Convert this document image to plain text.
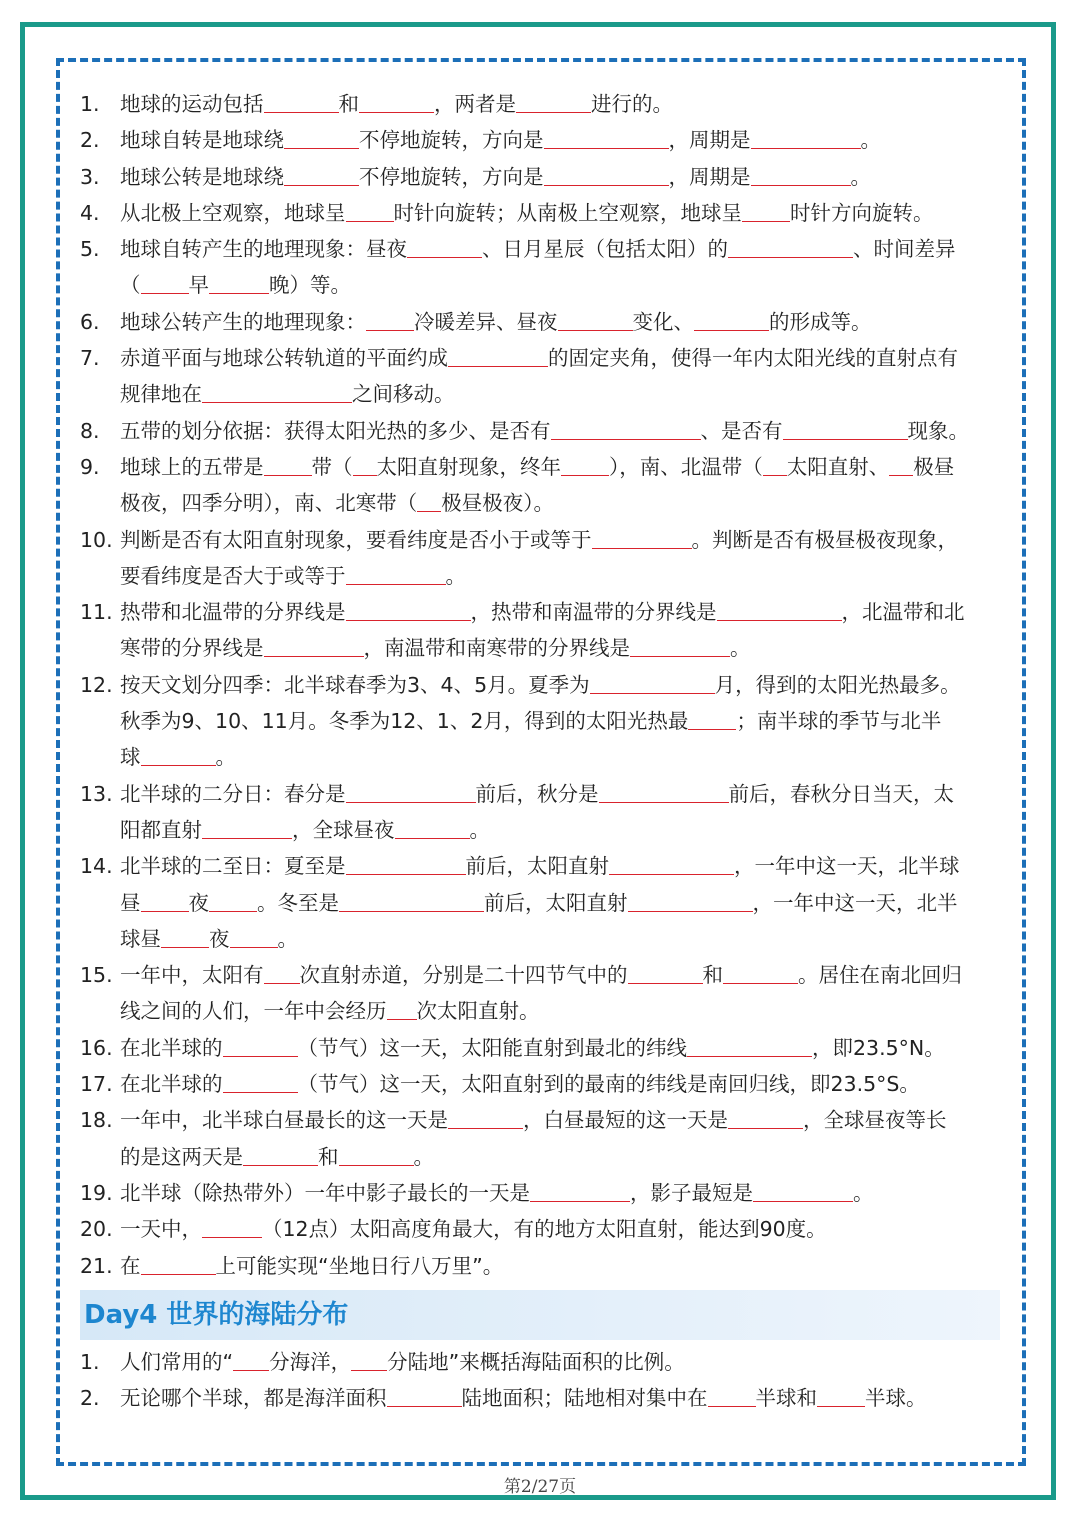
1. 地球的运动包括	和	，两者是	进行的。
2. 地球自转是地球绕	不停地旋转，方向是	，周期是	。
3. 地球公转是地球绕	不停地旋转，方向是	，周期是	。
4. 从北极上空观察，地球呈 时针向旋转；从南极上空观察，地球呈 时针方向旋转。
5. 地球自转产生的地理现象：昼夜	、日月星辰（包括太阳）的	、时间差异
（ 早	晚）等。
6. 地球公转产生的地理现象： 冷暖差异、昼夜	变化、	的形成等。
7. 赤道平面与地球公转轨道的平面约成	的固定夹角，使得一年内太阳光线的直射点有
规律地在	之间移动。
8. 五带的划分依据：获得太阳光热的多少、是否有	、是否有	现象。
9. 地球上的五带是 带（ 太阳直射现象，终年 ），南、北温带（ 太阳直射、 极昼
极夜，四季分明），南、北寒带（ 极昼极夜）。
10. 判断是否有太阳直射现象，要看纬度是否小于或等于	。判断是否有极昼极夜现象，
要看纬度是否大于或等于	。
11. 热带和北温带的分界线是	，热带和南温带的分界线是	，北温带和北
寒带的分界线是	，南温带和南寒带的分界线是	。
12. 按天文划分四季：北半球春季为3、4、5月。夏季为	月，得到的太阳光热最多。
秋季为9、10、11月。冬季为12、1、2月，得到的太阳光热最 ；南半球的季节与北半
球	。
13. 北半球的二分日：春分是	前后，秋分是	前后，春秋分日当天，太
阳都直射	，全球昼夜	。
14. 北半球的二至日：夏至是	前后，太阳直射	，一年中这一天，北半球
昼 夜 。冬至是	前后，太阳直射	，一年中这一天，北半
球昼 夜 。
15. 一年中，太阳有 次直射赤道，分别是二十四节气中的	和	。居住在南北回归
线之间的人们，一年中会经历 次太阳直射。
16. 在北半球的	（节气）这一天，太阳能直射到最北的纬线	，即23.5°N。
17. 在北半球的	（节气）这一天，太阳直射到的最南的纬线是南回归线，即23.5°S。
18. 一年中，北半球白昼最长的这一天是	，白昼最短的这一天是	，全球昼夜等长
的是这两天是	和	。
19. 北半球（除热带外）一年中影子最长的一天是	，影子最短是	。
20. 一天中，	（12点）太阳高度角最大，有的地方太阳直射，能达到90度。
21. 在	上可能实现“坐地日行八万里”。
Day4 世界的海陆分布
1. 人们常用的“ 分海洋， 分陆地”来概括海陆面积的比例。
2. 无论哪个半球，都是海洋面积	陆地面积；陆地相对集中在 半球和 半球。
第2/27页
